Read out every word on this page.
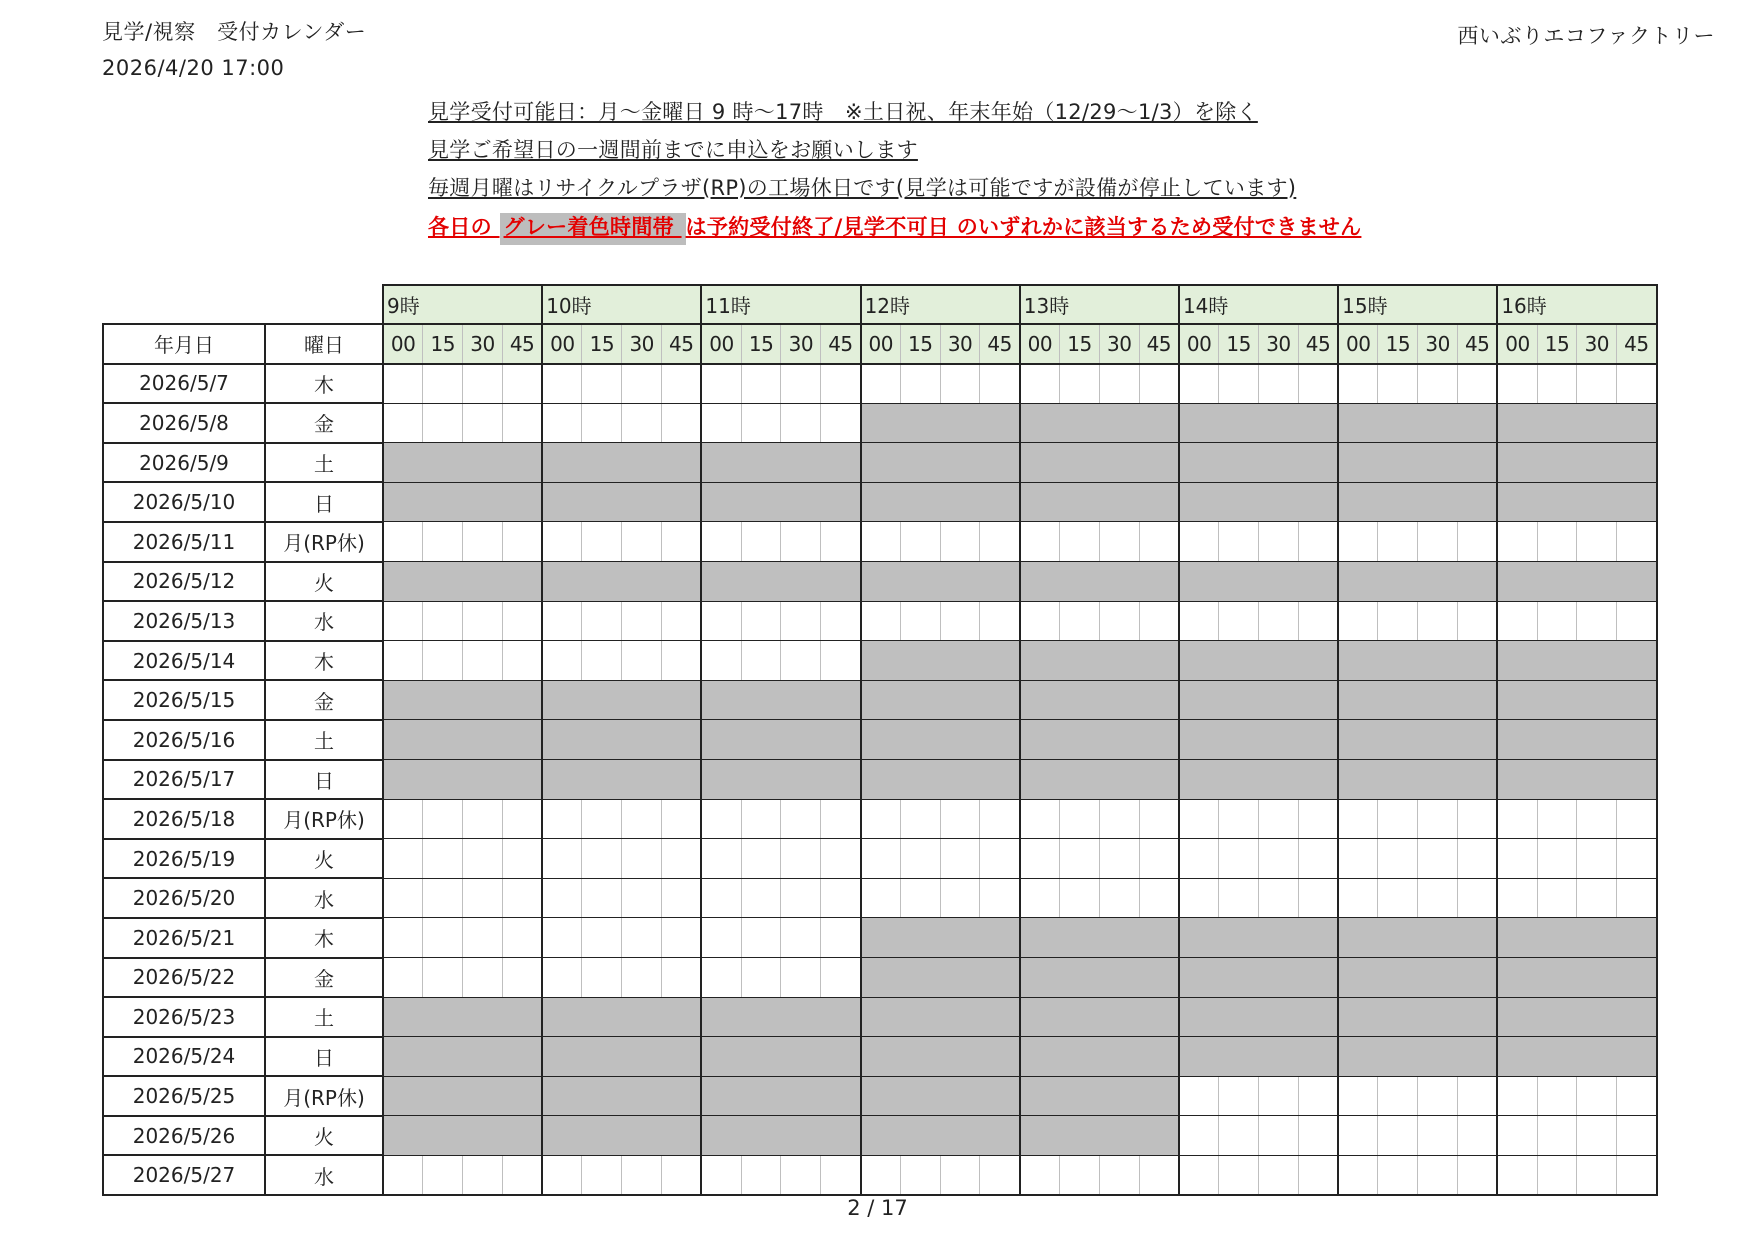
見学/視察　受付カレンダー
2026/4/20 17:00
西いぶりエコファクトリー
見学受付可能日：月～金曜日 9 時～17時　※土日祝、年末年始（12/29～1/3）を除く
見学ご希望日の一週間前までに申込をお願いします
毎週月曜はリサイクルプラザ(RP)の工場休日です(見学は可能ですが設備が停止しています)
各日の グレー着色時間帯 は予約受付終了/見学不可日 のいずれかに該当するため受付できません
		9時				10時				11時				12時				13時				14時				15時				16時			
年月日	曜日	00	15	30	45	00	15	30	45	00	15	30	45	00	15	30	45	00	15	30	45	00	15	30	45	00	15	30	45	00	15	30	45
2026/5/7	木																																
2026/5/8	金																																
2026/5/9	土																																
2026/5/10	日																																
2026/5/11	月(RP休)																																
2026/5/12	火																																
2026/5/13	水																																
2026/5/14	木																																
2026/5/15	金																																
2026/5/16	土																																
2026/5/17	日																																
2026/5/18	月(RP休)																																
2026/5/19	火																																
2026/5/20	水																																
2026/5/21	木																																
2026/5/22	金																																
2026/5/23	土																																
2026/5/24	日																																
2026/5/25	月(RP休)																																
2026/5/26	火																																
2026/5/27	水																																
2 / 17
